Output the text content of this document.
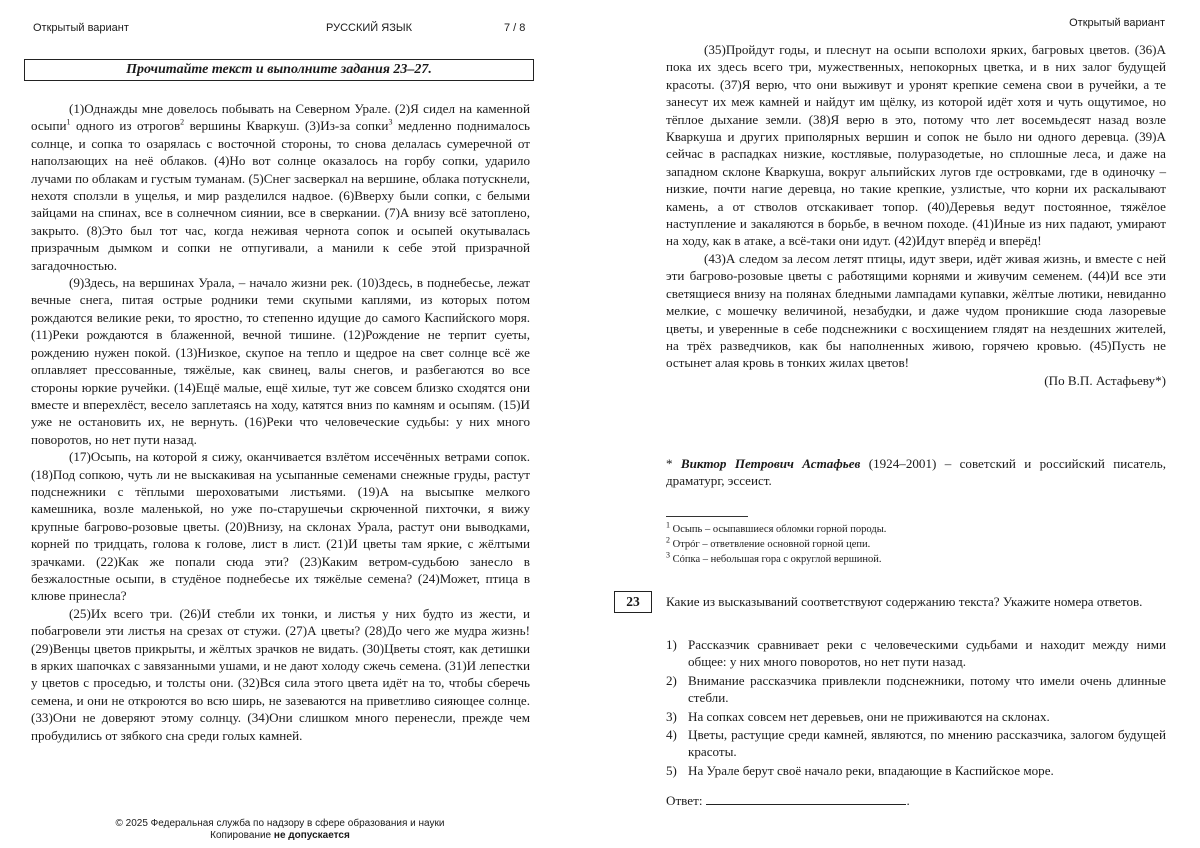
Открытый вариант	РУССКИЙ ЯЗЫК	7 / 8
Прочитайте текст и выполните задания 23–27.

(1)Однажды мне довелось побывать на Северном Урале. (2)Я сидел на каменной осыпи$^1$ одного из отрогов$^2$ вершины Кваркуш. (3)Из-за сопки$^3$ медленно поднималось солнце, и сопка то озарялась с восточной стороны, то снова делалась сумеречной от наползающих на неё облаков. (4)Но вот солнце оказалось на горбу сопки, ударило лучами по облакам и густым туманам. (5)Снег засверкал на вершине, облака потускнели, нехотя сползли в ущелья, и мир разделился надвое. (6)Вверху были сопки, с белыми зайцами на спинах, все в солнечном сиянии, все в сверкании. (7)А внизу всё затоплено, закрыто. (8)Это был тот час, когда неживая чернота сопок и осыпей окутывалась призрачным дымком и сопки не отпугивали, а манили к себе этой призрачной загадочностью.

(9)Здесь, на вершинах Урала, – начало жизни рек. (10)Здесь, в поднебесье, лежат вечные снега, питая острые родники теми скупыми каплями, из которых потом рождаются великие реки, то яростно, то степенно идущие до самого Каспийского моря. (11)Реки рождаются в блаженной, вечной тишине. (12)Рождение не терпит суеты, рождению нужен покой. (13)Низкое, скупое на тепло и щедрое на свет солнце всё же оплавляет прессованные, тяжёлые, как свинец, валы снегов, и разбегаются во все стороны юркие ручейки. (14)Ещё малые, ещё хилые, тут же совсем близко сходятся они вместе и вперехлёст, весело заплетаясь на ходу, катятся вниз по камням и осыпям. (15)И уже не остановить их, не вернуть. (16)Реки что человеческие судьбы: у них много поворотов, но нет пути назад.

(17)Осыпь, на которой я сижу, оканчивается взлётом иссечённых ветрами сопок. (18)Под сопкою, чуть ли не выскакивая на усыпанные семенами снежные груды, растут подснежники с тёплыми шероховатыми листьями. (19)А на высыпке мелкого камешника, возле маленькой, но уже по-старушечьи скрюченной пихточки, я вижу крупные багрово-розовые цветы. (20)Внизу, на склонах Урала, растут они выводками, корней по тридцать, голова к голове, лист в лист. (21)И цветы там яркие, с жёлтыми зрачками. (22)Как же попали сюда эти? (23)Каким ветром-судьбою занесло в безжалостные осыпи, в студёное поднебесье их тяжёлые семена? (24)Может, птица в клюве принесла?

(25)Их всего три. (26)И стебли их тонки, и листья у них будто из жести, и побагровели эти листья на срезах от стужи. (27)А цветы? (28)До чего же мудра жизнь! (29)Венцы цветов прикрыты, и жёлтых зрачков не видать. (30)Цветы стоят, как детишки в ярких шапочках с завязанными ушами, и не дают холоду сжечь семена. (31)И лепестки у цветов с проседью, и толсты они. (32)Вся сила этого цвета идёт на то, чтобы сберечь семена, и они не откроются во всю ширь, не зазеваются на приветливо сияющее солнце. (33)Они не доверяют этому солнцу. (34)Они слишком много перенесли, прежде чем пробудились от зябкого сна среди голых камней.

© 2025 Федеральная служба по надзору в сфере образования и науки
Копирование не допускается
Открытый вариант

(35)Пройдут годы, и плеснут на осыпи всполохи ярких, багровых цветов. (36)А пока их здесь всего три, мужественных, непокорных цветка, и в них залог будущей красоты. (37)Я верю, что они выживут и уронят крепкие семена свои в ручейки, а те занесут их меж камней и найдут им щёлку, из которой идёт хотя и чуть ощутимое, но тёплое дыхание земли. (38)Я верю в это, потому что лет восемьдесят назад возле Кваркуша и других приполярных вершин и сопок не было ни одного деревца. (39)А сейчас в распадках низкие, костлявые, полуразодетые, но сплошные леса, и даже на западном склоне Кваркуша, вокруг альпийских лугов где островками, где в одиночку – низкие, почти нагие деревца, но такие крепкие, узлистые, что корни их раскалывают камень, а от стволов отскакивает топор. (40)Деревья ведут постоянное, тяжёлое наступление и закаляются в борьбе, в вечном походе. (41)Иные из них падают, умирают на ходу, как в атаке, а всё-таки они идут. (42)Идут вперёд и вперёд!

(43)А следом за лесом летят птицы, идут звери, идёт живая жизнь, и вместе с ней эти багрово-розовые цветы с работящими корнями и живучим семенем. (44)И все эти светящиеся внизу на полянах бледными лампадами купавки, жёлтые лютики, невиданно мелкие, с мошечку величиной, незабудки, и даже чудом проникшие сюда лазоревые цветы, и уверенные в себе подснежники с восхищением глядят на нездешних жителей, на трёх разведчиков, как бы наполненных живою, горячею кровью. (45)Пусть не остынет алая кровь в тонких жилах цветов!

(По В.П. Астафьеву*)

* Виктор Петрович Астафьев (1924–2001) – советский и российский писатель, драматург, эссеист.
$^1$ Осыпь – осыпавшиеся обломки горной породы.
$^2$ Отрóг – ответвление основной горной цепи.
$^3$ Сóпка – небольшая гора с округлой вершиной.
23	Какие из высказываний соответствуют содержанию текста? Укажите номера ответов.
1) Рассказчик сравнивает реки с человеческими судьбами и находит между ними общее: у них много поворотов, но нет пути назад.
2) Внимание рассказчика привлекли подснежники, потому что имели очень длинные стебли.
3) На сопках совсем нет деревьев, они не приживаются на склонах.
4) Цветы, растущие среди камней, являются, по мнению рассказчика, залогом будущей красоты.
5) На Урале берут своё начало реки, впадающие в Каспийское море.
Ответ:	.
